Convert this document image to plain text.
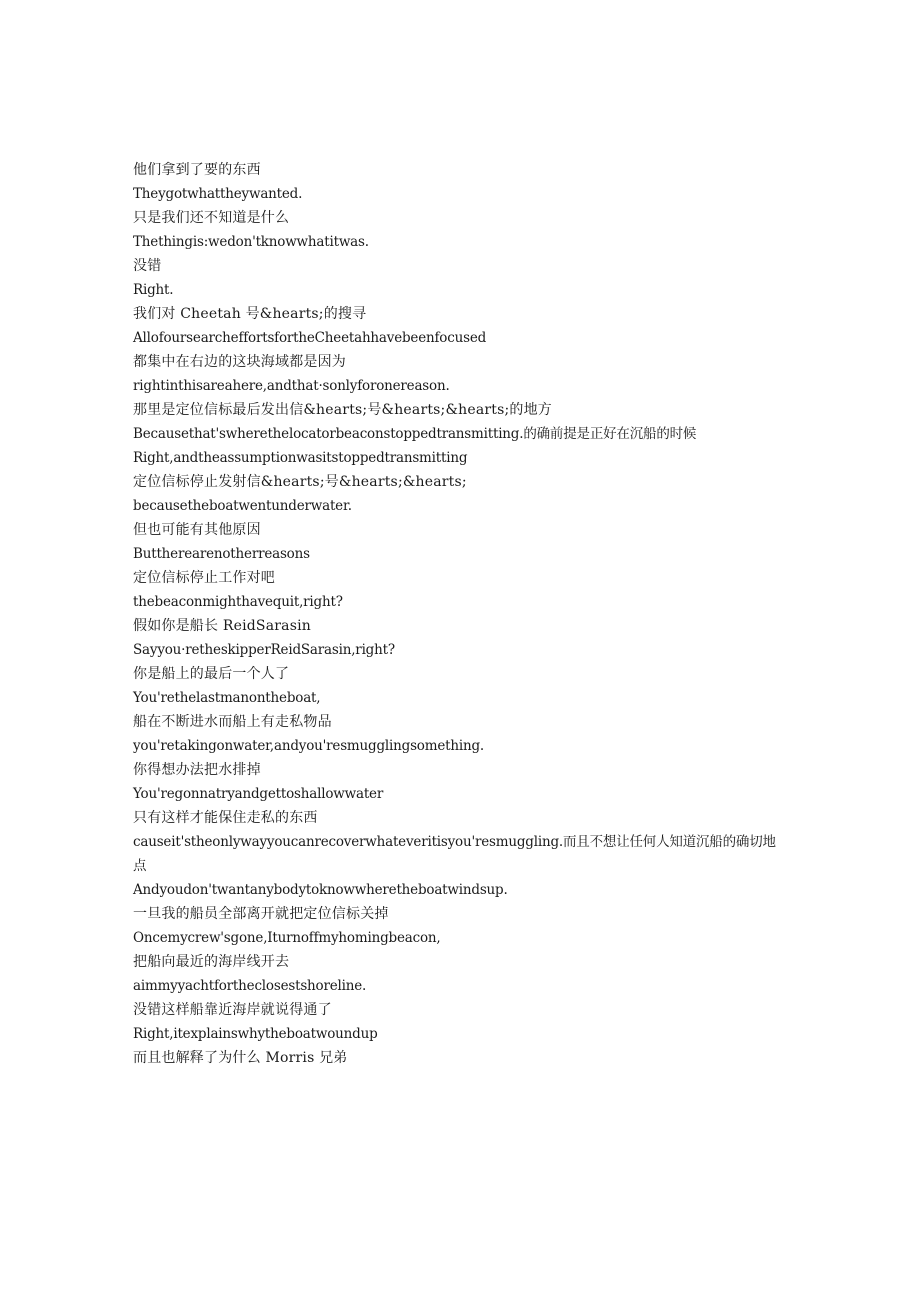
他们拿到了要的东西
Theygotwhattheywanted.
只是我们还不知道是什么
Thethingis:wedon'tknowwhatitwas.
没错
Right.
我们对 Cheetah 号&hearts;的搜寻
AllofoursearcheffortsfortheCheetahhavebeenfocused
都集中在右边的这块海域都是因为
rightinthisareahere,andthat·sonlyforonereason.
那里是定位信标最后发出信&hearts;号&hearts;&hearts;的地方
Becausethat'swherethelocatorbeaconstoppedtransmitting.的确前提是正好在沉船的时候
Right,andtheassumptionwasitstoppedtransmitting
定位信标停止发射信&hearts;号&hearts;&hearts;
becausetheboatwentunderwater.
但也可能有其他原因
Buttherearenotherreasons
定位信标停止工作对吧
thebeaconmighthavequit,right?
假如你是船长 ReidSarasin
Sayyou·retheskipperReidSarasin,right?
你是船上的最后一个人了
You'rethelastmanontheboat,
船在不断进水而船上有走私物品
you'retakingonwater,andyou'resmugglingsomething.
你得想办法把水排掉
You'regonnatryandgettoshallowwater
只有这样才能保住走私的东西
causeit'stheonlywayyoucanrecoverwhateveritisyou'resmuggling.而且不想让任何人知道沉船的确切地点
Andyoudon'twantanybodytoknowwheretheboatwindsup.
一旦我的船员全部离开就把定位信标关掉
Oncemycrew'sgone,Iturnoffmyhomingbeacon,
把船向最近的海岸线开去
aimmyyachtfortheclosestshoreline.
没错这样船靠近海岸就说得通了
Right,itexplainswhytheboatwoundup
而且也解释了为什么 Morris 兄弟
